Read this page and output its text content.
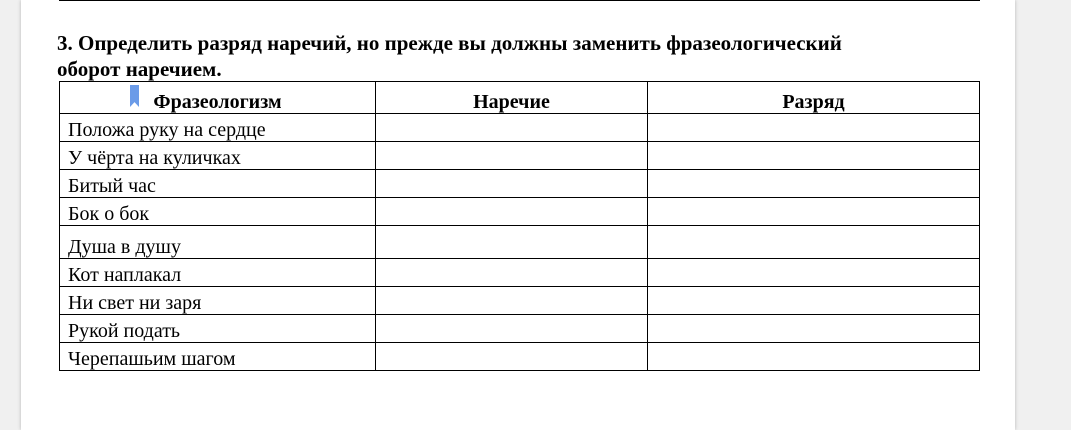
3. Определить разряд наречий, но прежде вы должны заменить фразеологический
оборот наречием.

Фразеологизм	Наречие	Разряд
Положа руку на сердце		
У чёрта на куличках		
Битый час		
Бок о бок		
Душа в душу		
Кот наплакал		
Ни свет ни заря		
Рукой подать		
Черепашьим шагом		
